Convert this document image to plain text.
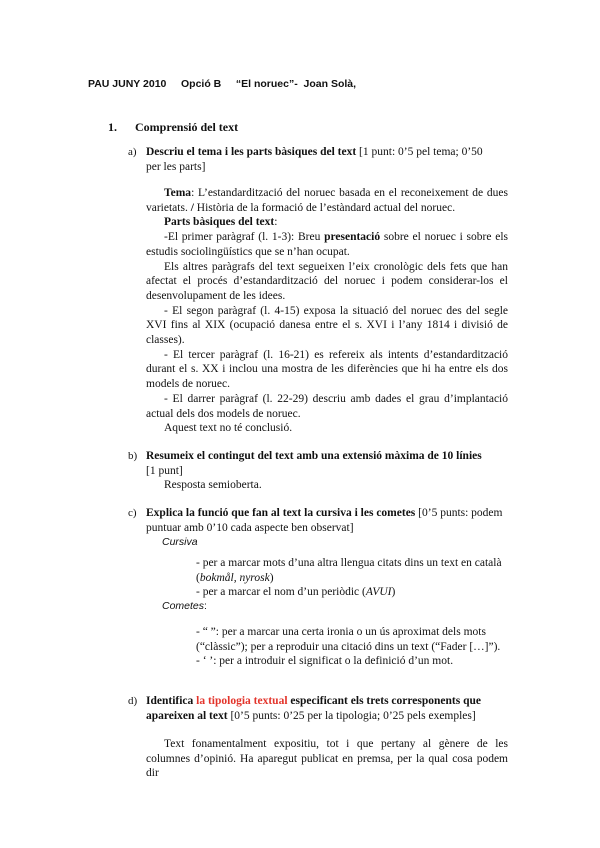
PAU JUNY 2010 Opció B “El noruec”- Joan Solà,
1. Comprensió del text
a) Descriu el tema i les parts bàsiques del text [1 punt: 0’5 pel tema; 0’50
per les parts]

Tema: L’estandardització del noruec basada en el reconeixement de dues varietats. / Història de la formació de l’estàndard actual del noruec.

Parts bàsiques del text:

-El primer paràgraf (l. 1-3): Breu presentació sobre el noruec i sobre els estudis sociolingüístics que se n’han ocupat.

Els altres paràgrafs del text segueixen l’eix cronològic dels fets que han afectat el procés d’estandardització del noruec i podem considerar-los el desenvolupament de les idees.

- El segon paràgraf (l. 4-15) exposa la situació del noruec des del segle XVI fins al XIX (ocupació danesa entre el s. XVI i l’any 1814 i divisió de classes).

- El tercer paràgraf (l. 16-21) es refereix als intents d’estandardització durant el s. XX i inclou una mostra de les diferències que hi ha entre els dos models de noruec.

- El darrer paràgraf (l. 22-29) descriu amb dades el grau d’implantació actual dels dos models de noruec.

Aquest text no té conclusió.

b) Resumeix el contingut del text amb una extensió màxima de 10 línies
[1 punt]

Resposta semioberta.

c) Explica la funció que fan al text la cursiva i les cometes [0’5 punts: podem puntuar amb 0’10 cada aspecte ben observat]
Cursiva

- per a marcar mots d’una altra llengua citats dins un text en català (bokmål, nyrosk)

- per a marcar el nom d’un periòdic (AVUI)

Cometes:

- “ ”: per a marcar una certa ironia o un ús aproximat dels mots (“clàssic”); per a reproduir una citació dins un text (“Fader […]”).

- ‘ ’: per a introduir el significat o la definició d’un mot.

d) Identifica la tipologia textual especificant els trets corresponents que apareixen al text [0’5 punts: 0’25 per la tipologia; 0’25 pels exemples]

Text fonamentalment expositiu, tot i que pertany al gènere de les columnes d’opinió. Ha aparegut publicat en premsa, per la qual cosa podem dir
